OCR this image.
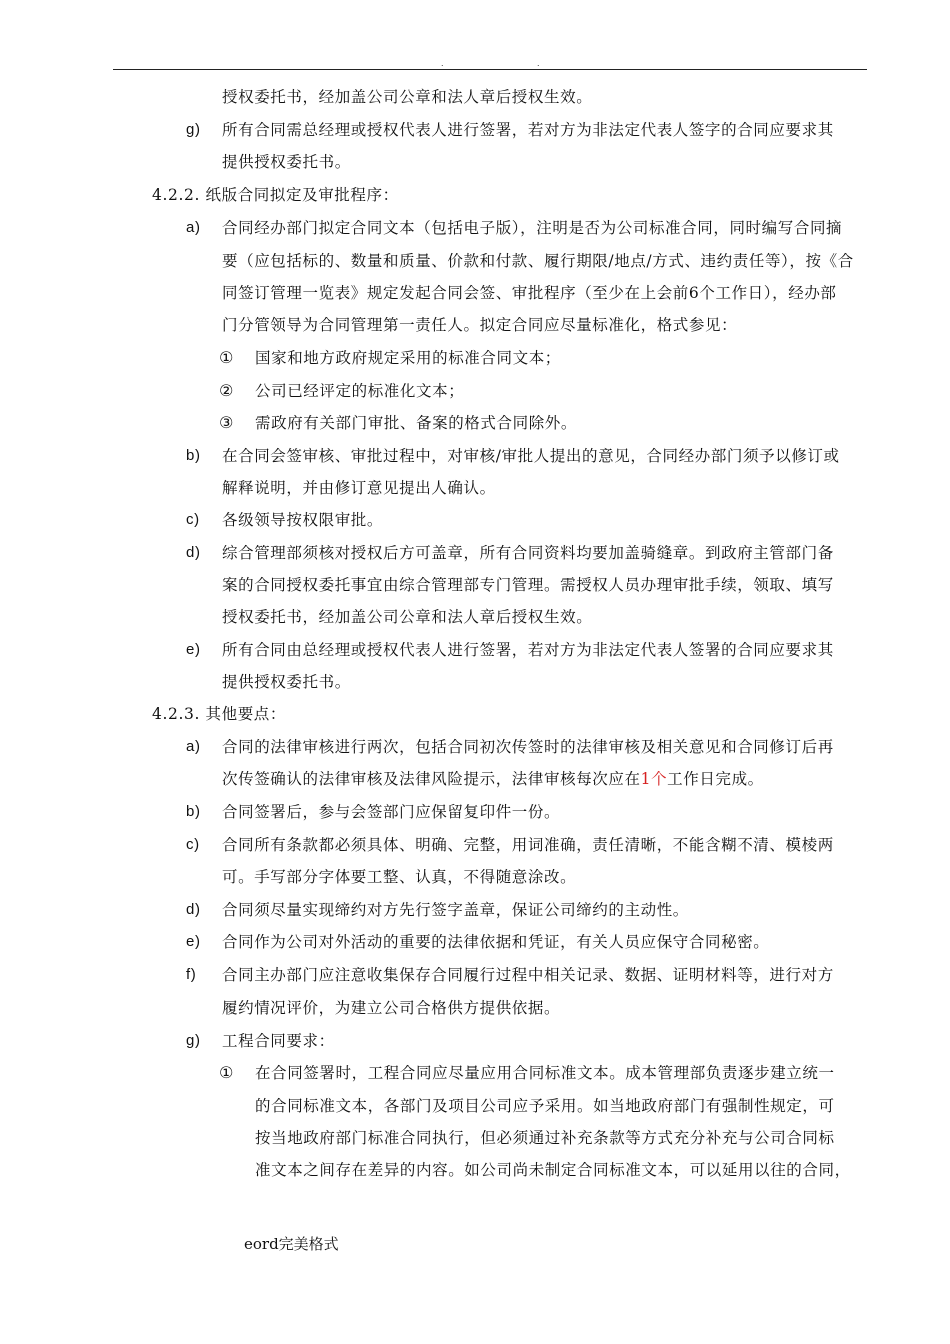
.	.
授权委托书，经加盖公司公章和法人章后授权生效。
g) 所有合同需总经理或授权代表人进行签署，若对方为非法定代表人签字的合同应要求其
提供授权委托书。
4.2.2. 纸版合同拟定及审批程序：
a) 合同经办部门拟定合同文本（包括电子版），注明是否为公司标准合同，同时编写合同摘
要（应包括标的、数量和质量、价款和付款、履行期限/地点/方式、违约责任等），按《合
同签订管理一览表》规定发起合同会签、审批程序（至少在上会前6个工作日），经办部
门分管领导为合同管理第一责任人。拟定合同应尽量标准化，格式参见：
① 国家和地方政府规定采用的标准合同文本；
② 公司已经评定的标准化文本；
③ 需政府有关部门审批、备案的格式合同除外。
b) 在合同会签审核、审批过程中，对审核/审批人提出的意见，合同经办部门须予以修订或
解释说明，并由修订意见提出人确认。
c) 各级领导按权限审批。
d) 综合管理部须核对授权后方可盖章，所有合同资料均要加盖骑缝章。到政府主管部门备
案的合同授权委托事宜由综合管理部专门管理。需授权人员办理审批手续，领取、填写
授权委托书，经加盖公司公章和法人章后授权生效。
e) 所有合同由总经理或授权代表人进行签署，若对方为非法定代表人签署的合同应要求其
提供授权委托书。
4.2.3. 其他要点：
a) 合同的法律审核进行两次，包括合同初次传签时的法律审核及相关意见和合同修订后再
次传签确认的法律审核及法律风险提示，法律审核每次应在1个工作日完成。
b) 合同签署后，参与会签部门应保留复印件一份。
c) 合同所有条款都必须具体、明确、完整，用词准确，责任清晰，不能含糊不清、模棱两
可。手写部分字体要工整、认真，不得随意涂改。
d) 合同须尽量实现缔约对方先行签字盖章，保证公司缔约的主动性。
e) 合同作为公司对外活动的重要的法律依据和凭证，有关人员应保守合同秘密。
f) 合同主办部门应注意收集保存合同履行过程中相关记录、数据、证明材料等，进行对方
履约情况评价，为建立公司合格供方提供依据。
g) 工程合同要求：
① 在合同签署时，工程合同应尽量应用合同标准文本。成本管理部负责逐步建立统一
的合同标准文本，各部门及项目公司应予采用。如当地政府部门有强制性规定，可
按当地政府部门标准合同执行，但必须通过补充条款等方式充分补充与公司合同标
准文本之间存在差异的内容。如公司尚未制定合同标准文本，可以延用以往的合同，
eord完美格式
